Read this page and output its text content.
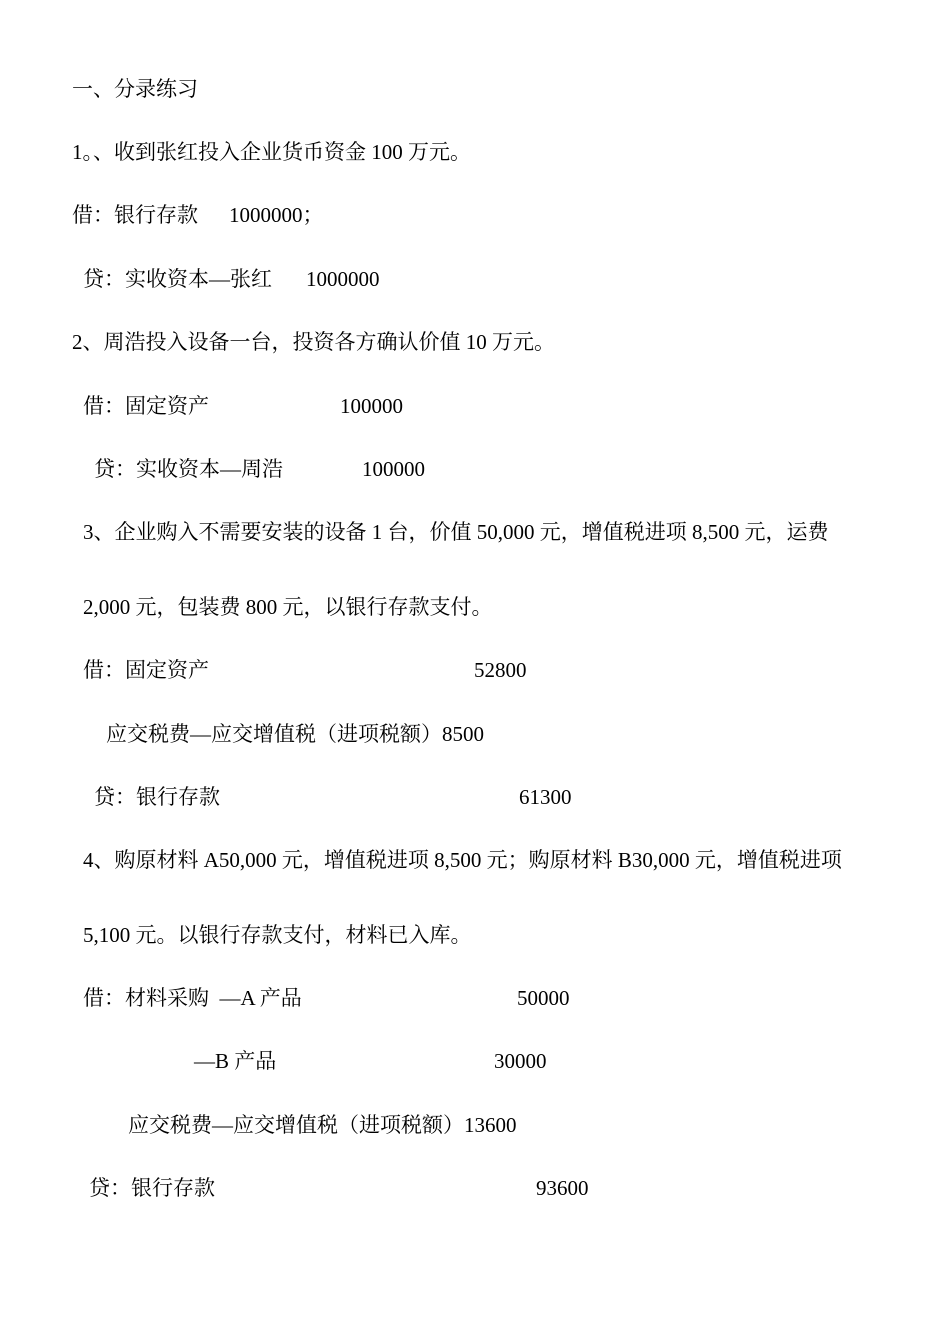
一、分录练习
1。、收到张红投入企业货币资金 100 万元。
借：银行存款 1000000；
贷：实收资本—张红 1000000
2、周浩投入设备一台，投资各方确认价值 10 万元。
借：固定资产	100000
贷：实收资本—周浩	100000
3、企业购入不需要安装的设备 1 台，价值 50,000 元，增值税进项 8,500 元，运费
2,000 元，包装费 800 元，以银行存款支付。
借：固定资产	52800
应交税费—应交增值税（进项税额）8500
贷：银行存款	61300
4、购原材料 A50,000 元，增值税进项 8,500 元；购原材料 B30,000 元，增值税进项
5,100 元。以银行存款支付，材料已入库。
借：材料采购  —A 产品	50000
—B 产品	30000
应交税费—应交增值税（进项税额）13600
贷：银行存款	93600
